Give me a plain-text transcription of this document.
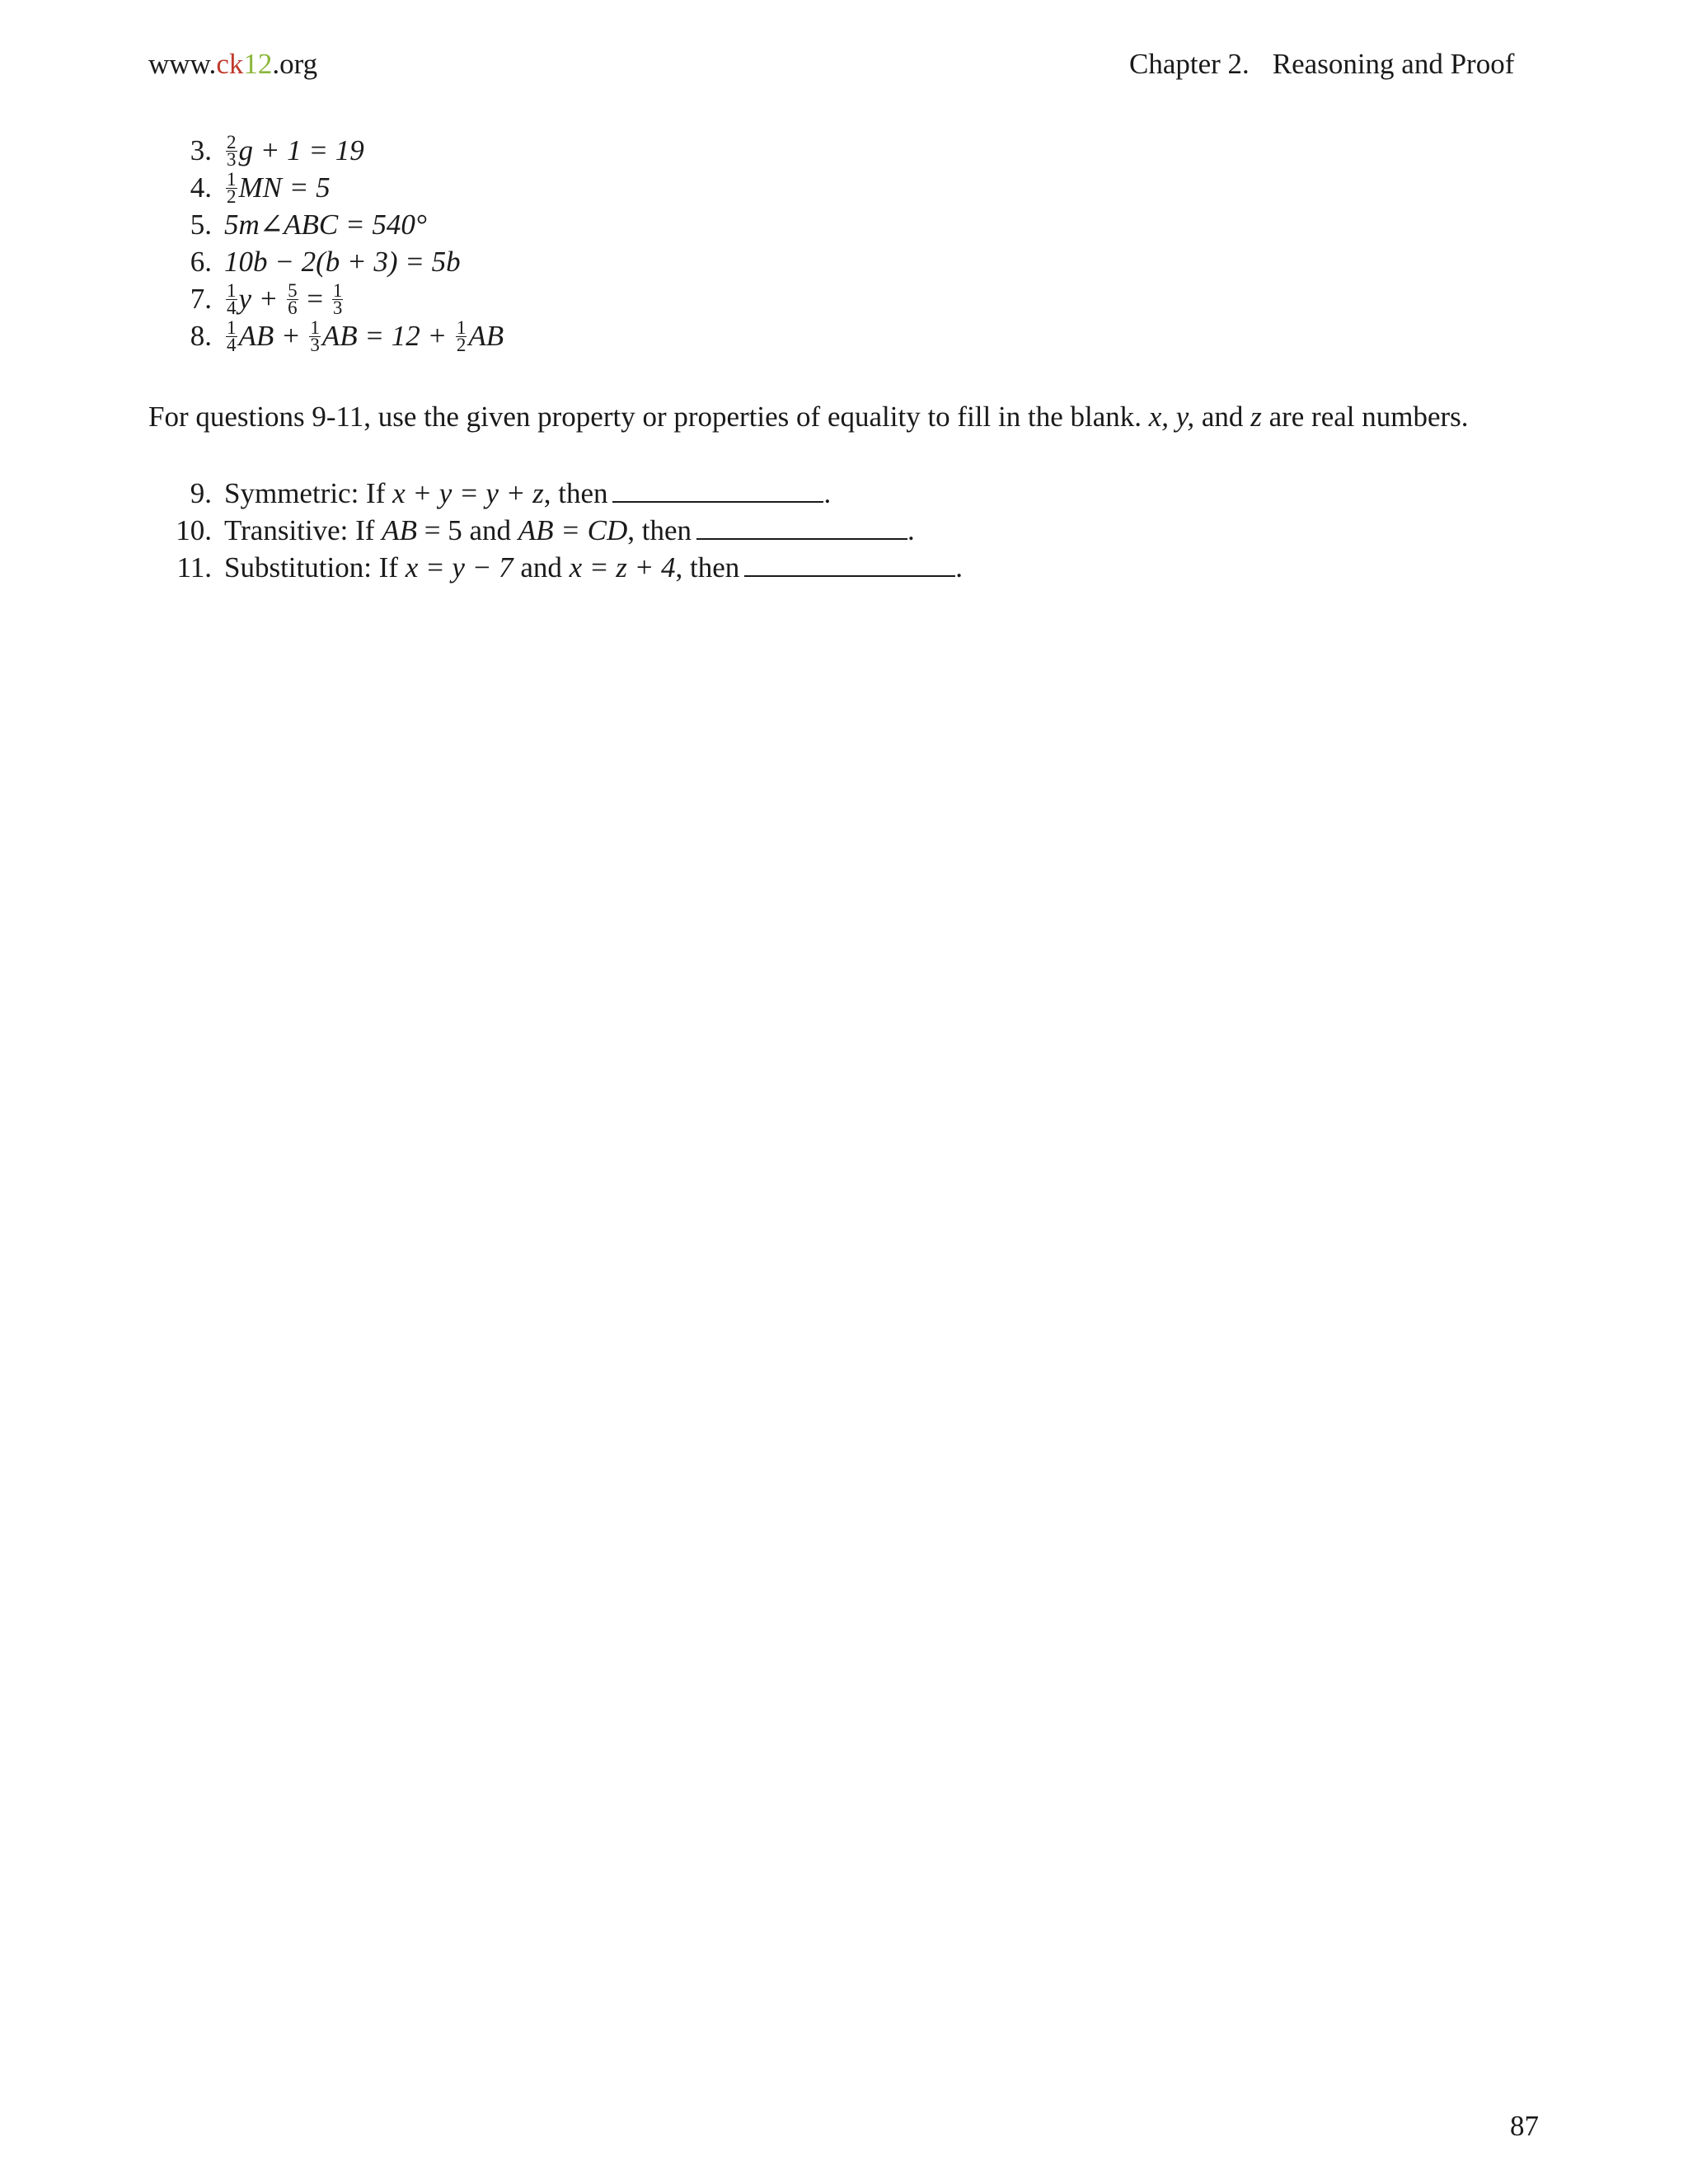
www.ck12.org	Chapter 2. Reasoning and Proof
3. $\frac{2}{3}$ g + 1 = 19
4. $\frac{1}{2}$ MN = 5
5. 5m∠ABC = 540°
6. 10b − 2(b + 3) = 5b
7. $\frac{1}{4}$ $y + \frac{5}{6} = \frac{1}{3}$
8. $\frac{1}{4}$ AB + $\frac{1}{3}$ AB = $12 + \frac{1}{2}$ AB
For questions 9-11, use the given property or properties of equality to fill in the blank. x, y, and z are real numbers.
9. Symmetric: If x + y = y + z, then	.
10. Transitive: If AB = 5 and AB = CD, then	.
11. Substitution: If x = y − 7 and x = z + 4, then	.
87
